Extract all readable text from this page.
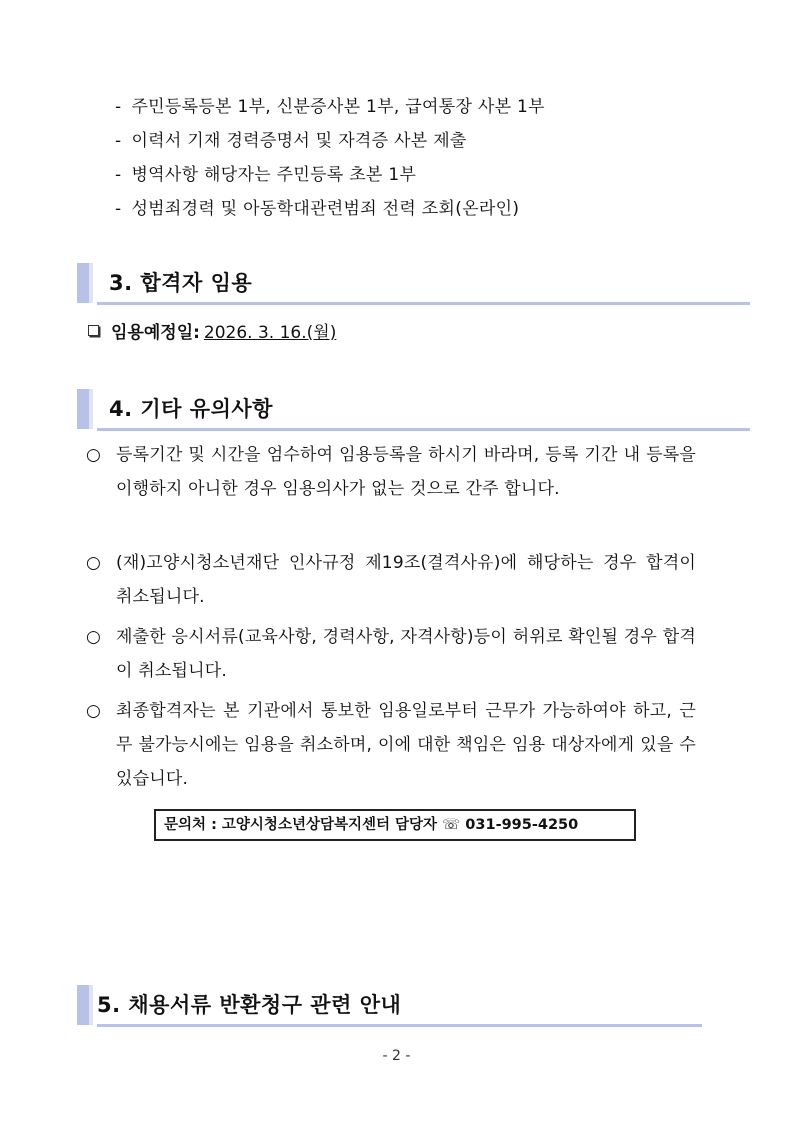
- 주민등록등본 1부, 신분증사본 1부, 급여통장 사본 1부
- 이력서 기재 경력증명서 및 자격증 사본 제출
- 병역사항 해당자는 주민등록 초본 1부
- 성범죄경력 및 아동학대관련범죄 전력 조회(온라인)
3. 합격자 임용
임용예정일: 2026. 3. 16.(월)
4. 기타 유의사항
○ 등록기간 및 시간을 엄수하여 임용등록을 하시기 바라며, 등록 기간 내 등록을 이행하지 아니한 경우 임용의사가 없는 것으로 간주 합니다.
○ (재)고양시청소년재단 인사규정 제19조(결격사유)에 해당하는 경우 합격이 취소됩니다.
○ 제출한 응시서류(교육사항, 경력사항, 자격사항)등이 허위로 확인될 경우 합격이 취소됩니다.
○ 최종합격자는 본 기관에서 통보한 임용일로부터 근무가 가능하여야 하고, 근무 불가능시에는 임용을 취소하며, 이에 대한 책임은 임용 대상자에게 있을 수 있습니다.
문의처 : 고양시청소년상담복지센터 담당자 ☏ 031-995-4250
5. 채용서류 반환청구 관련 안내
- 2 -
